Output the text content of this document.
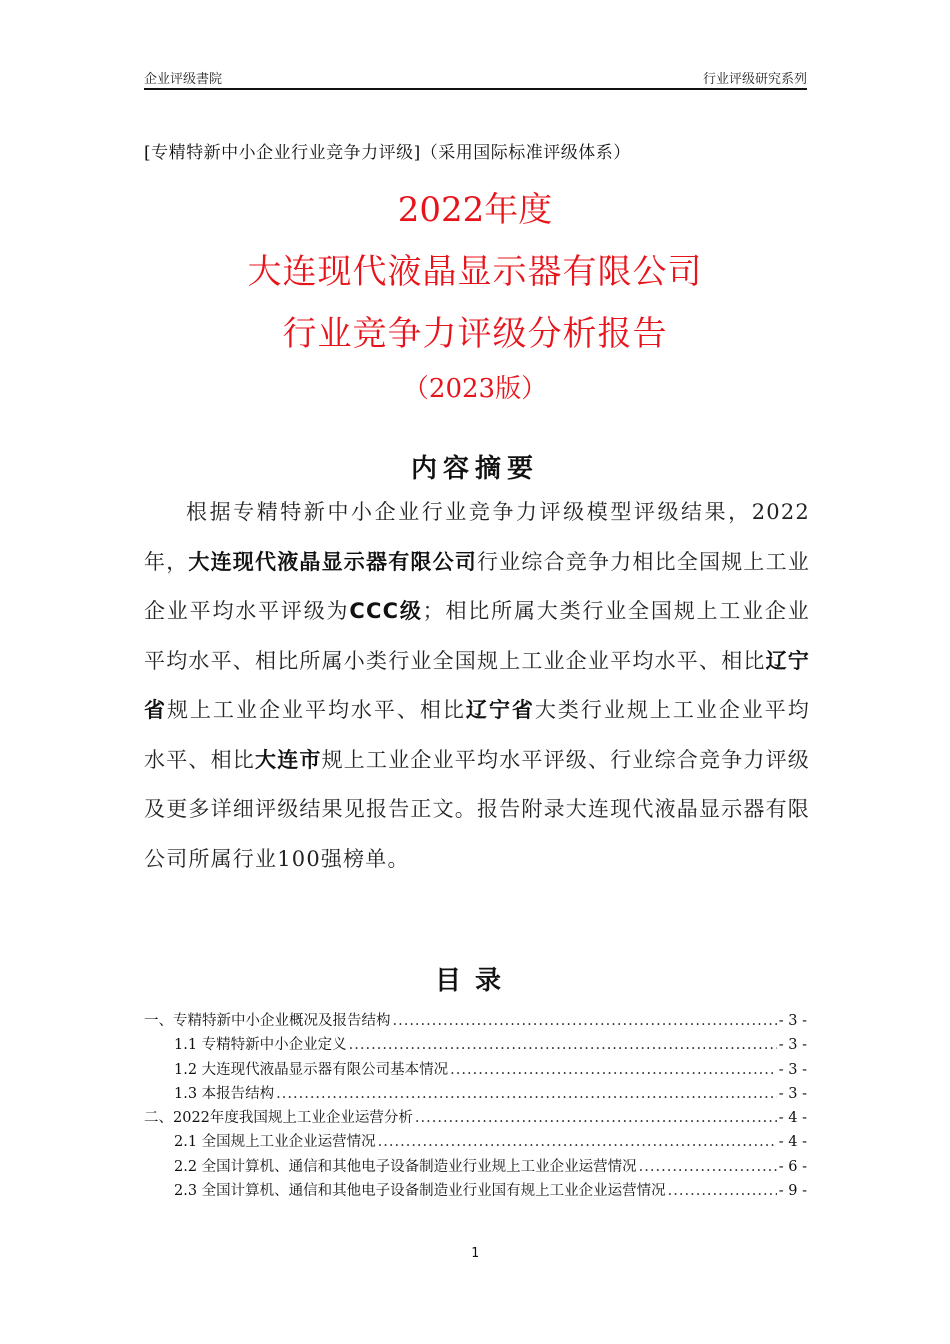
企业评级書院	行业评级研究系列
[专精特新中小企业行业竞争力评级]（采用国际标准评级体系）
2022年度
大连现代液晶显示器有限公司
行业竞争力评级分析报告
（2023版）
内容摘要
根据专精特新中小企业行业竞争力评级模型评级结果，2022年，大连现代液晶显示器有限公司行业综合竞争力相比全国规上工业企业平均水平评级为CCC级；相比所属大类行业全国规上工业企业平均水平、相比所属小类行业全国规上工业企业平均水平、相比辽宁省规上工业企业平均水平、相比辽宁省大类行业规上工业企业平均水平、相比大连市规上工业企业平均水平评级、行业综合竞争力评级及更多详细评级结果见报告正文。报告附录大连现代液晶显示器有限公司所属行业100强榜单。
目录
一、专精特新中小企业概况及报告结构 .....	- 3 -
1.1 专精特新中小企业定义 .....	- 3 -
1.2 大连现代液晶显示器有限公司基本情况 .....	- 3 -
1.3 本报告结构 .....	- 3 -
二、2022年度我国规上工业企业运营分析 .....	- 4 -
2.1 全国规上工业企业运营情况 .....	- 4 -
2.2 全国计算机、通信和其他电子设备制造业行业规上工业企业运营情况 .....	- 6 -
2.3 全国计算机、通信和其他电子设备制造业行业国有规上工业企业运营情况 .....	- 9 -
1
